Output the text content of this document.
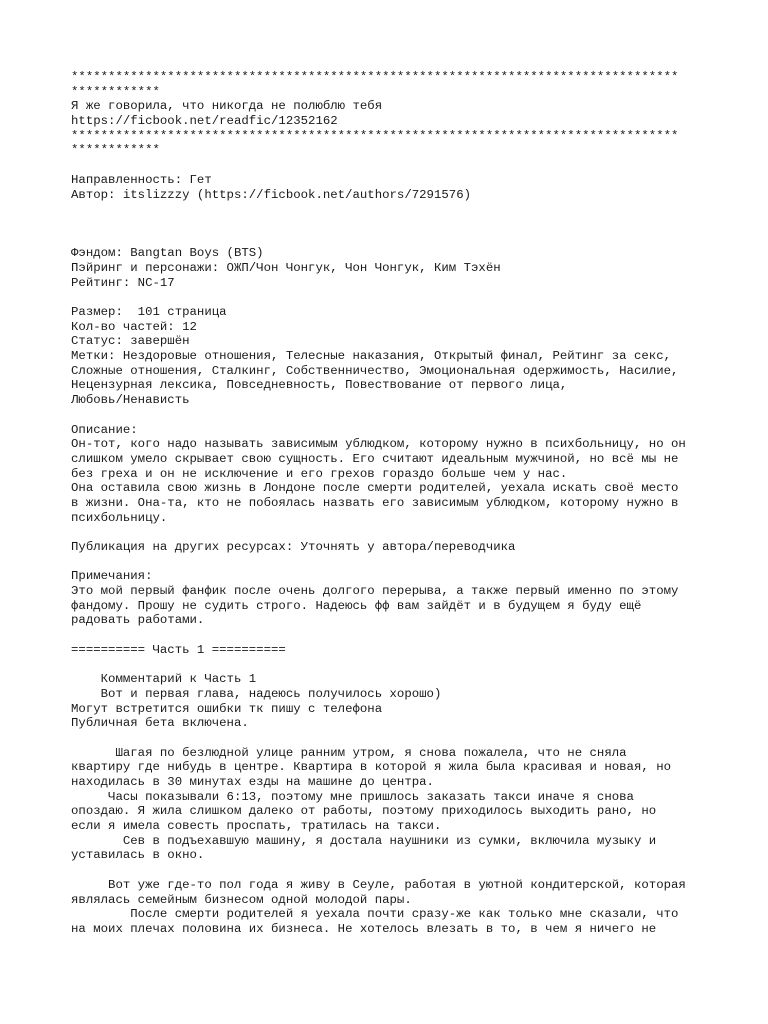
**********************************************************************************
************
Я же говорила, что никогда не полюблю тебя
https://ficbook.net/readfic/12352162
**********************************************************************************
************
Направленность: Гет
Автор: itslizzzy (https://ficbook.net/authors/7291576)
Фэндом: Bangtan Boys (BTS)
Пэйринг и персонажи: ОЖП/Чон Чонгук, Чон Чонгук, Ким Тэхён
Рейтинг: NC-17
Размер:  101 страница
Кол-во частей: 12
Статус: завершён
Метки: Нездоровые отношения, Телесные наказания, Открытый финал, Рейтинг за секс,
Сложные отношения, Сталкинг, Собственничество, Эмоциональная одержимость, Насилие,
Нецензурная лексика, Повседневность, Повествование от первого лица,
Любовь/Ненависть
Описание:
Он-тот, кого надо называть зависимым ублюдком, которому нужно в психбольницу, но он
слишком умело скрывает свою сущность. Его считают идеальным мужчиной, но всё мы не
без греха и он не исключение и его грехов гораздо больше чем у нас.
Она оставила свою жизнь в Лондоне после смерти родителей, уехала искать своё место
в жизни. Она-та, кто не побоялась назвать его зависимым ублюдком, которому нужно в
психбольницу.
Публикация на других ресурсах: Уточнять у автора/переводчика
Примечания:
Это мой первый фанфик после очень долгого перерыва, а также первый именно по этому
фандому. Прошу не судить строго. Надеюсь фф вам зайдёт и в будущем я буду ещё
радовать работами.
========== Часть 1 ==========
Комментарий к Часть 1
Вот и первая глава, надеюсь получилось хорошо)
Могут встретится ошибки тк пишу с телефона
Публичная бета включена.
Шагая по безлюдной улице ранним утром, я снова пожалела, что не сняла
квартиру где нибудь в центре. Квартира в которой я жила была красивая и новая, но
находилась в 30 минутах езды на машине до центра.
Часы показывали 6:13, поэтому мне пришлось заказать такси иначе я снова
опоздаю. Я жила слишком далеко от работы, поэтому приходилось выходить рано, но
если я имела совесть проспать, тратилась на такси.
Сев в подъехавшую машину, я достала наушники из сумки, включила музыку и
уставилась в окно.
Вот уже где-то пол года я живу в Сеуле, работая в уютной кондитерской, которая
являлась семейным бизнесом одной молодой пары.
После смерти родителей я уехала почти сразу-же как только мне сказали, что
на моих плечах половина их бизнеса. Не хотелось влезать в то, в чем я ничего не
